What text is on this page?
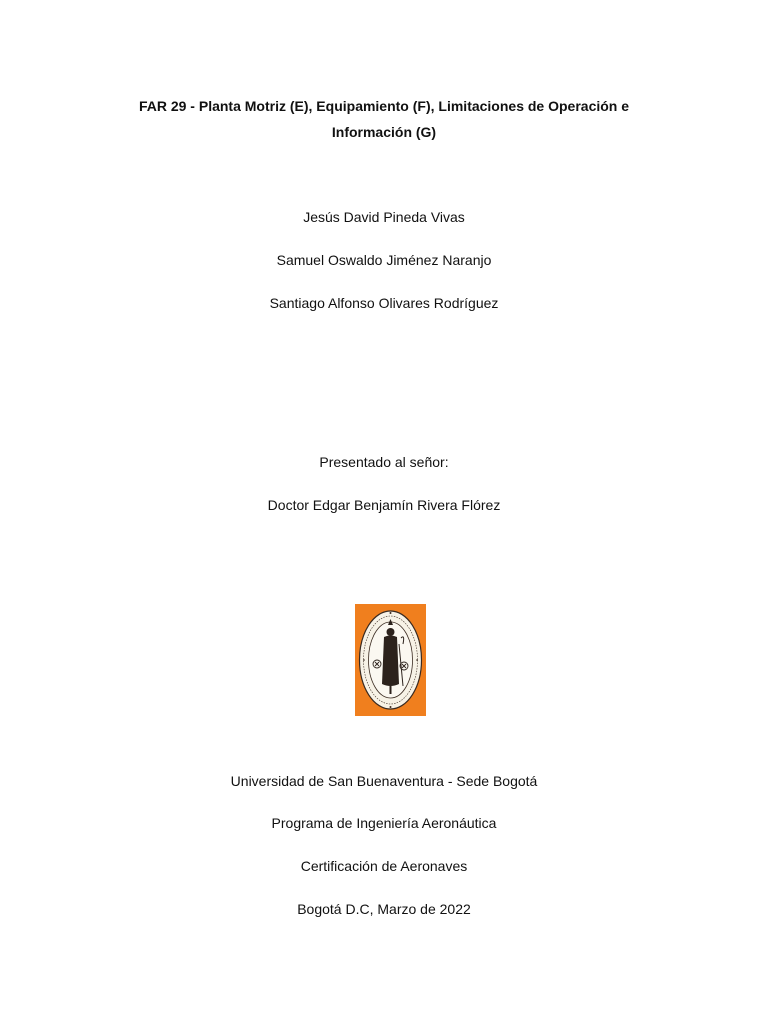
FAR 29 - Planta Motriz (E), Equipamiento (F), Limitaciones de Operación e
Información (G)
Jesús David Pineda Vivas
Samuel Oswaldo Jiménez Naranjo
Santiago Alfonso Olivares Rodríguez
Presentado al señor:
Doctor Edgar Benjamín Rivera Flórez
Universidad de San Buenaventura - Sede Bogotá
Programa de Ingeniería Aeronáutica
Certificación de Aeronaves
Bogotá D.C, Marzo de 2022
